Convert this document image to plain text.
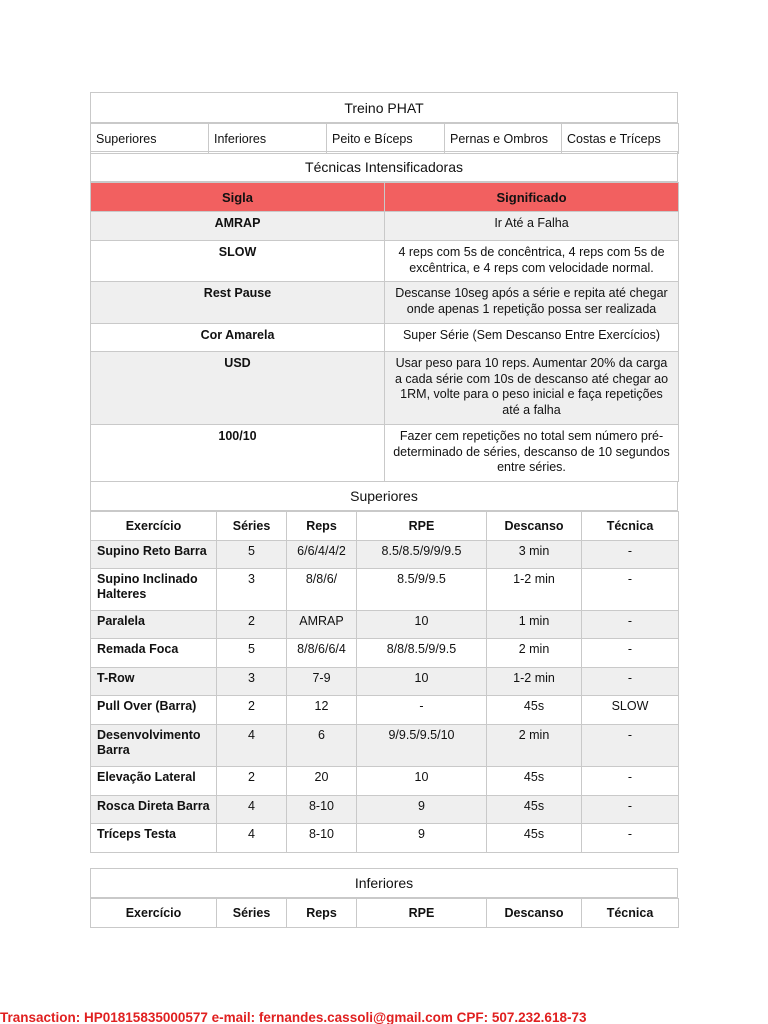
Treino PHAT
Superiores	Inferiores	Peito e Bíceps	Pernas e Ombros	Costas e Tríceps
Técnicas Intensificadoras
Sigla	Significado
AMRAP	Ir Até a Falha
SLOW	4 reps com 5s de concêntrica, 4 reps com 5s de excêntrica, e 4 reps com velocidade normal.
Rest Pause	Descanse 10seg após a série e repita até chegar onde apenas 1 repetição possa ser realizada
Cor Amarela	Super Série (Sem Descanso Entre Exercícios)
USD	Usar peso para 10 reps. Aumentar 20% da carga a cada série com 10s de descanso até chegar ao 1RM, volte para o peso inicial e faça repetições até a falha
100/10	Fazer cem repetições no total sem número pré-determinado de séries, descanso de 10 segundos entre séries.
Superiores
Exercício	Séries	Reps	RPE	Descanso	Técnica
Supino Reto Barra	5	6/6/4/4/2	8.5/8.5/9/9/9.5	3 min	-
Supino Inclinado Halteres	3	8/8/6/	8.5/9/9.5	1-2 min	-
Paralela	2	AMRAP	10	1 min	-
Remada Foca	5	8/8/6/6/4	8/8/8.5/9/9.5	2 min	-
T-Row	3	7-9	10	1-2 min	-
Pull Over (Barra)	2	12	-	45s	SLOW
Desenvolvimento Barra	4	6	9/9.5/9.5/10	2 min	-
Elevação Lateral	2	20	10	45s	-
Rosca Direta Barra	4	8-10	9	45s	-
Tríceps Testa	4	8-10	9	45s	-
Inferiores
Exercício	Séries	Reps	RPE	Descanso	Técnica
Transaction: HP01815835000577 e-mail: fernandes.cassoli@gmail.com CPF: 507.232.618-73
